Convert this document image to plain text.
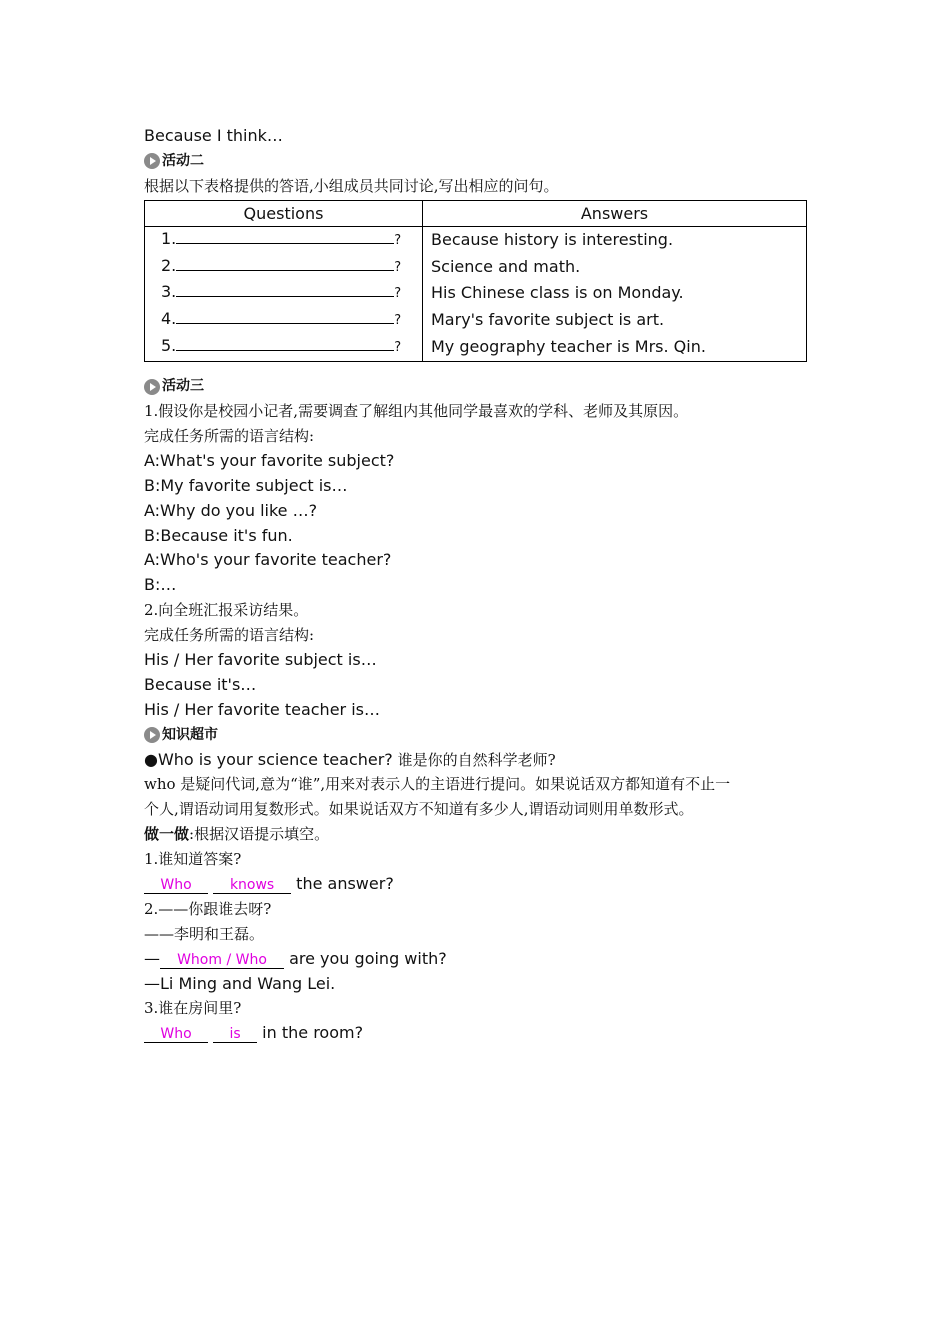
Because I think…
活动二
根据以下表格提供的答语,小组成员共同讨论,写出相应的问句。
Questions	Answers
1. ?	Because history is interesting.
2. ?	Science and math.
3. ?	His Chinese class is on Monday.
4. ?	Mary's favorite subject is art.
5. ?	My geography teacher is Mrs. Qin.
活动三
1.假设你是校园小记者,需要调查了解组内其他同学最喜欢的学科、老师及其原因。
完成任务所需的语言结构:
A:What's your favorite subject?
B:My favorite subject is…
A:Why do you like …?
B:Because it's fun.
A:Who's your favorite teacher?
B:…
2.向全班汇报采访结果。
完成任务所需的语言结构:
His / Her favorite subject is…
Because it's…
His / Her favorite teacher is…
知识超市
●Who is your science teacher? 谁是你的自然科学老师?
who 是疑问代词,意为“谁”,用来对表示人的主语进行提问。如果说话双方都知道有不止一
个人,谓语动词用复数形式。如果说话双方不知道有多少人,谓语动词则用单数形式。
做一做:根据汉语提示填空。
1.谁知道答案?
Who	knows the answer?
2.——你跟谁去呀?
——李明和王磊。
— Whom / Who are you going with?
—Li Ming and Wang Lei.
3.谁在房间里?
Who	is in the room?
